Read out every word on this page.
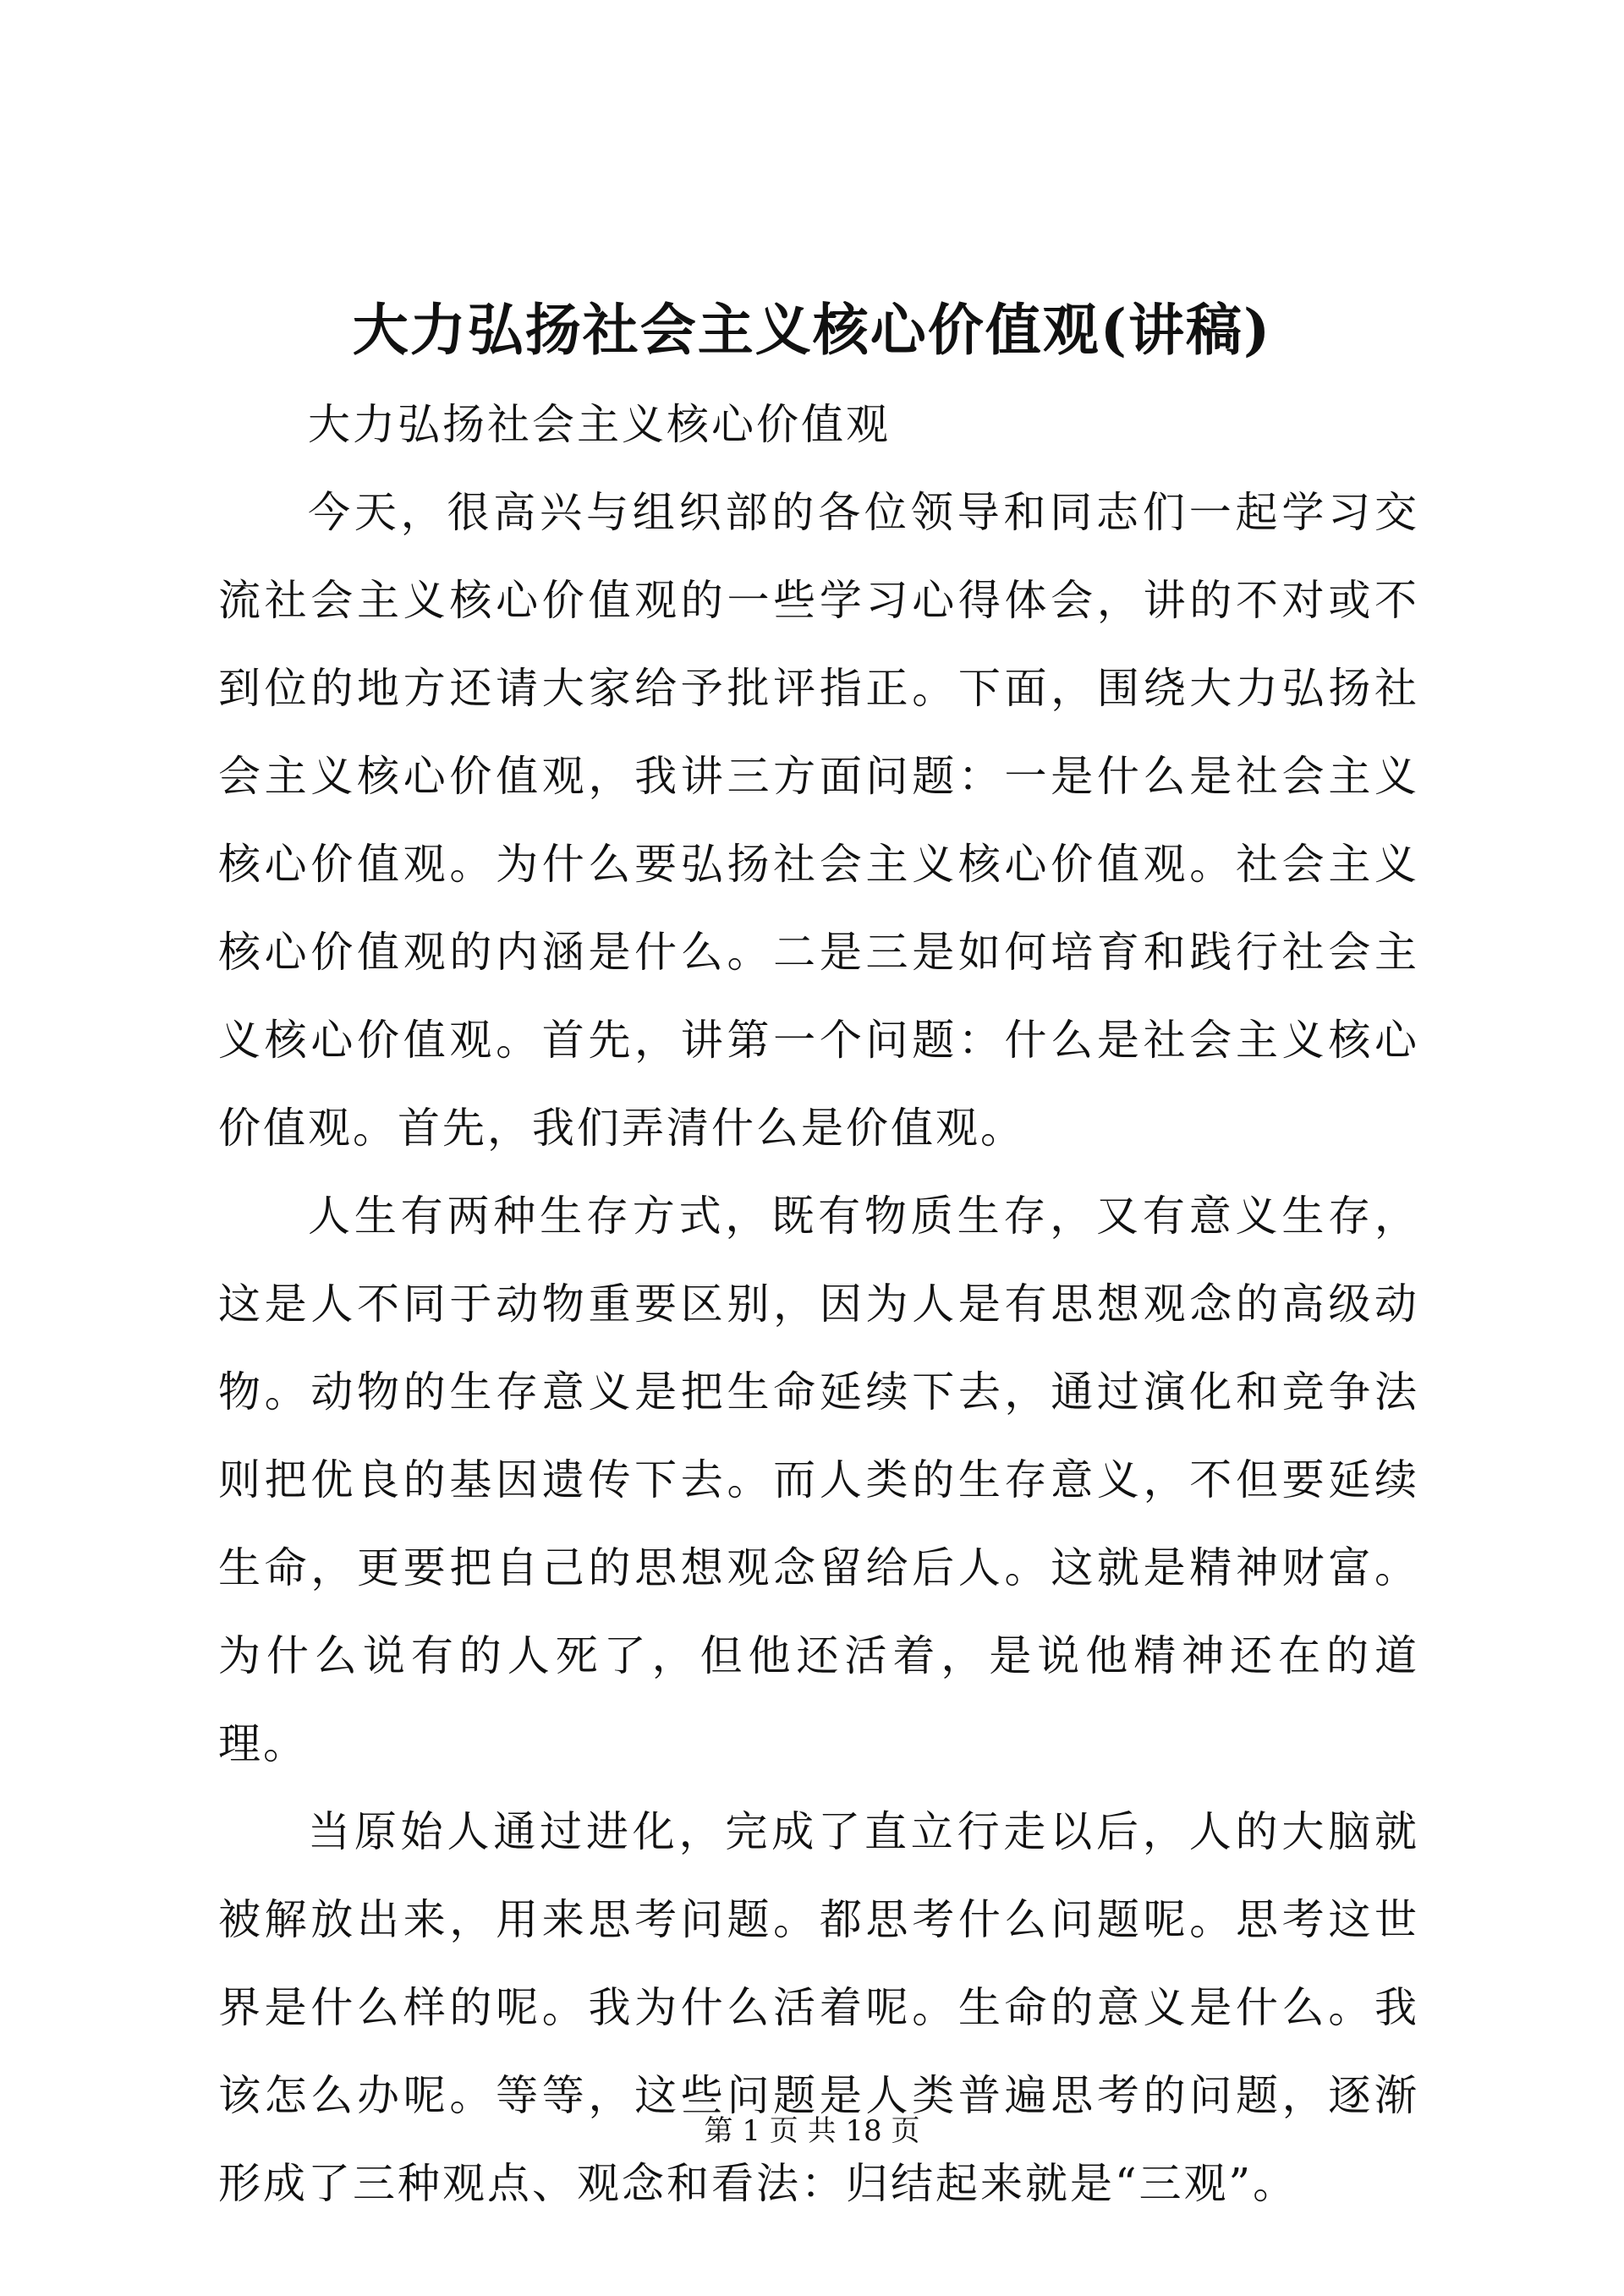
大力弘扬社会主义核心价值观(讲稿)

大力弘扬社会主义核心价值观

今天，很高兴与组织部的各位领导和同志们一起学习交流社会主义核心价值观的一些学习心得体会，讲的不对或不到位的地方还请大家给予批评指正。下面，围绕大力弘扬社会主义核心价值观，我讲三方面问题：一是什么是社会主义核心价值观。为什么要弘扬社会主义核心价值观。社会主义核心价值观的内涵是什么。二是三是如何培育和践行社会主义核心价值观。首先，讲第一个问题：什么是社会主义核心价值观。首先，我们弄清什么是价值观。

人生有两种生存方式，既有物质生存，又有意义生存，这是人不同于动物重要区别，因为人是有思想观念的高级动物。动物的生存意义是把生命延续下去，通过演化和竞争法则把优良的基因遗传下去。而人类的生存意义，不但要延续生命，更要把自己的思想观念留给后人。这就是精神财富。为什么说有的人死了，但他还活着，是说他精神还在的道理。

当原始人通过进化，完成了直立行走以后，人的大脑就被解放出来，用来思考问题。都思考什么问题呢。思考这世界是什么样的呢。我为什么活着呢。生命的意义是什么。我该怎么办呢。等等，这些问题是人类普遍思考的问题，逐渐形成了三种观点、观念和看法：归结起来就是“三观”。

第 1 页 共 18 页
